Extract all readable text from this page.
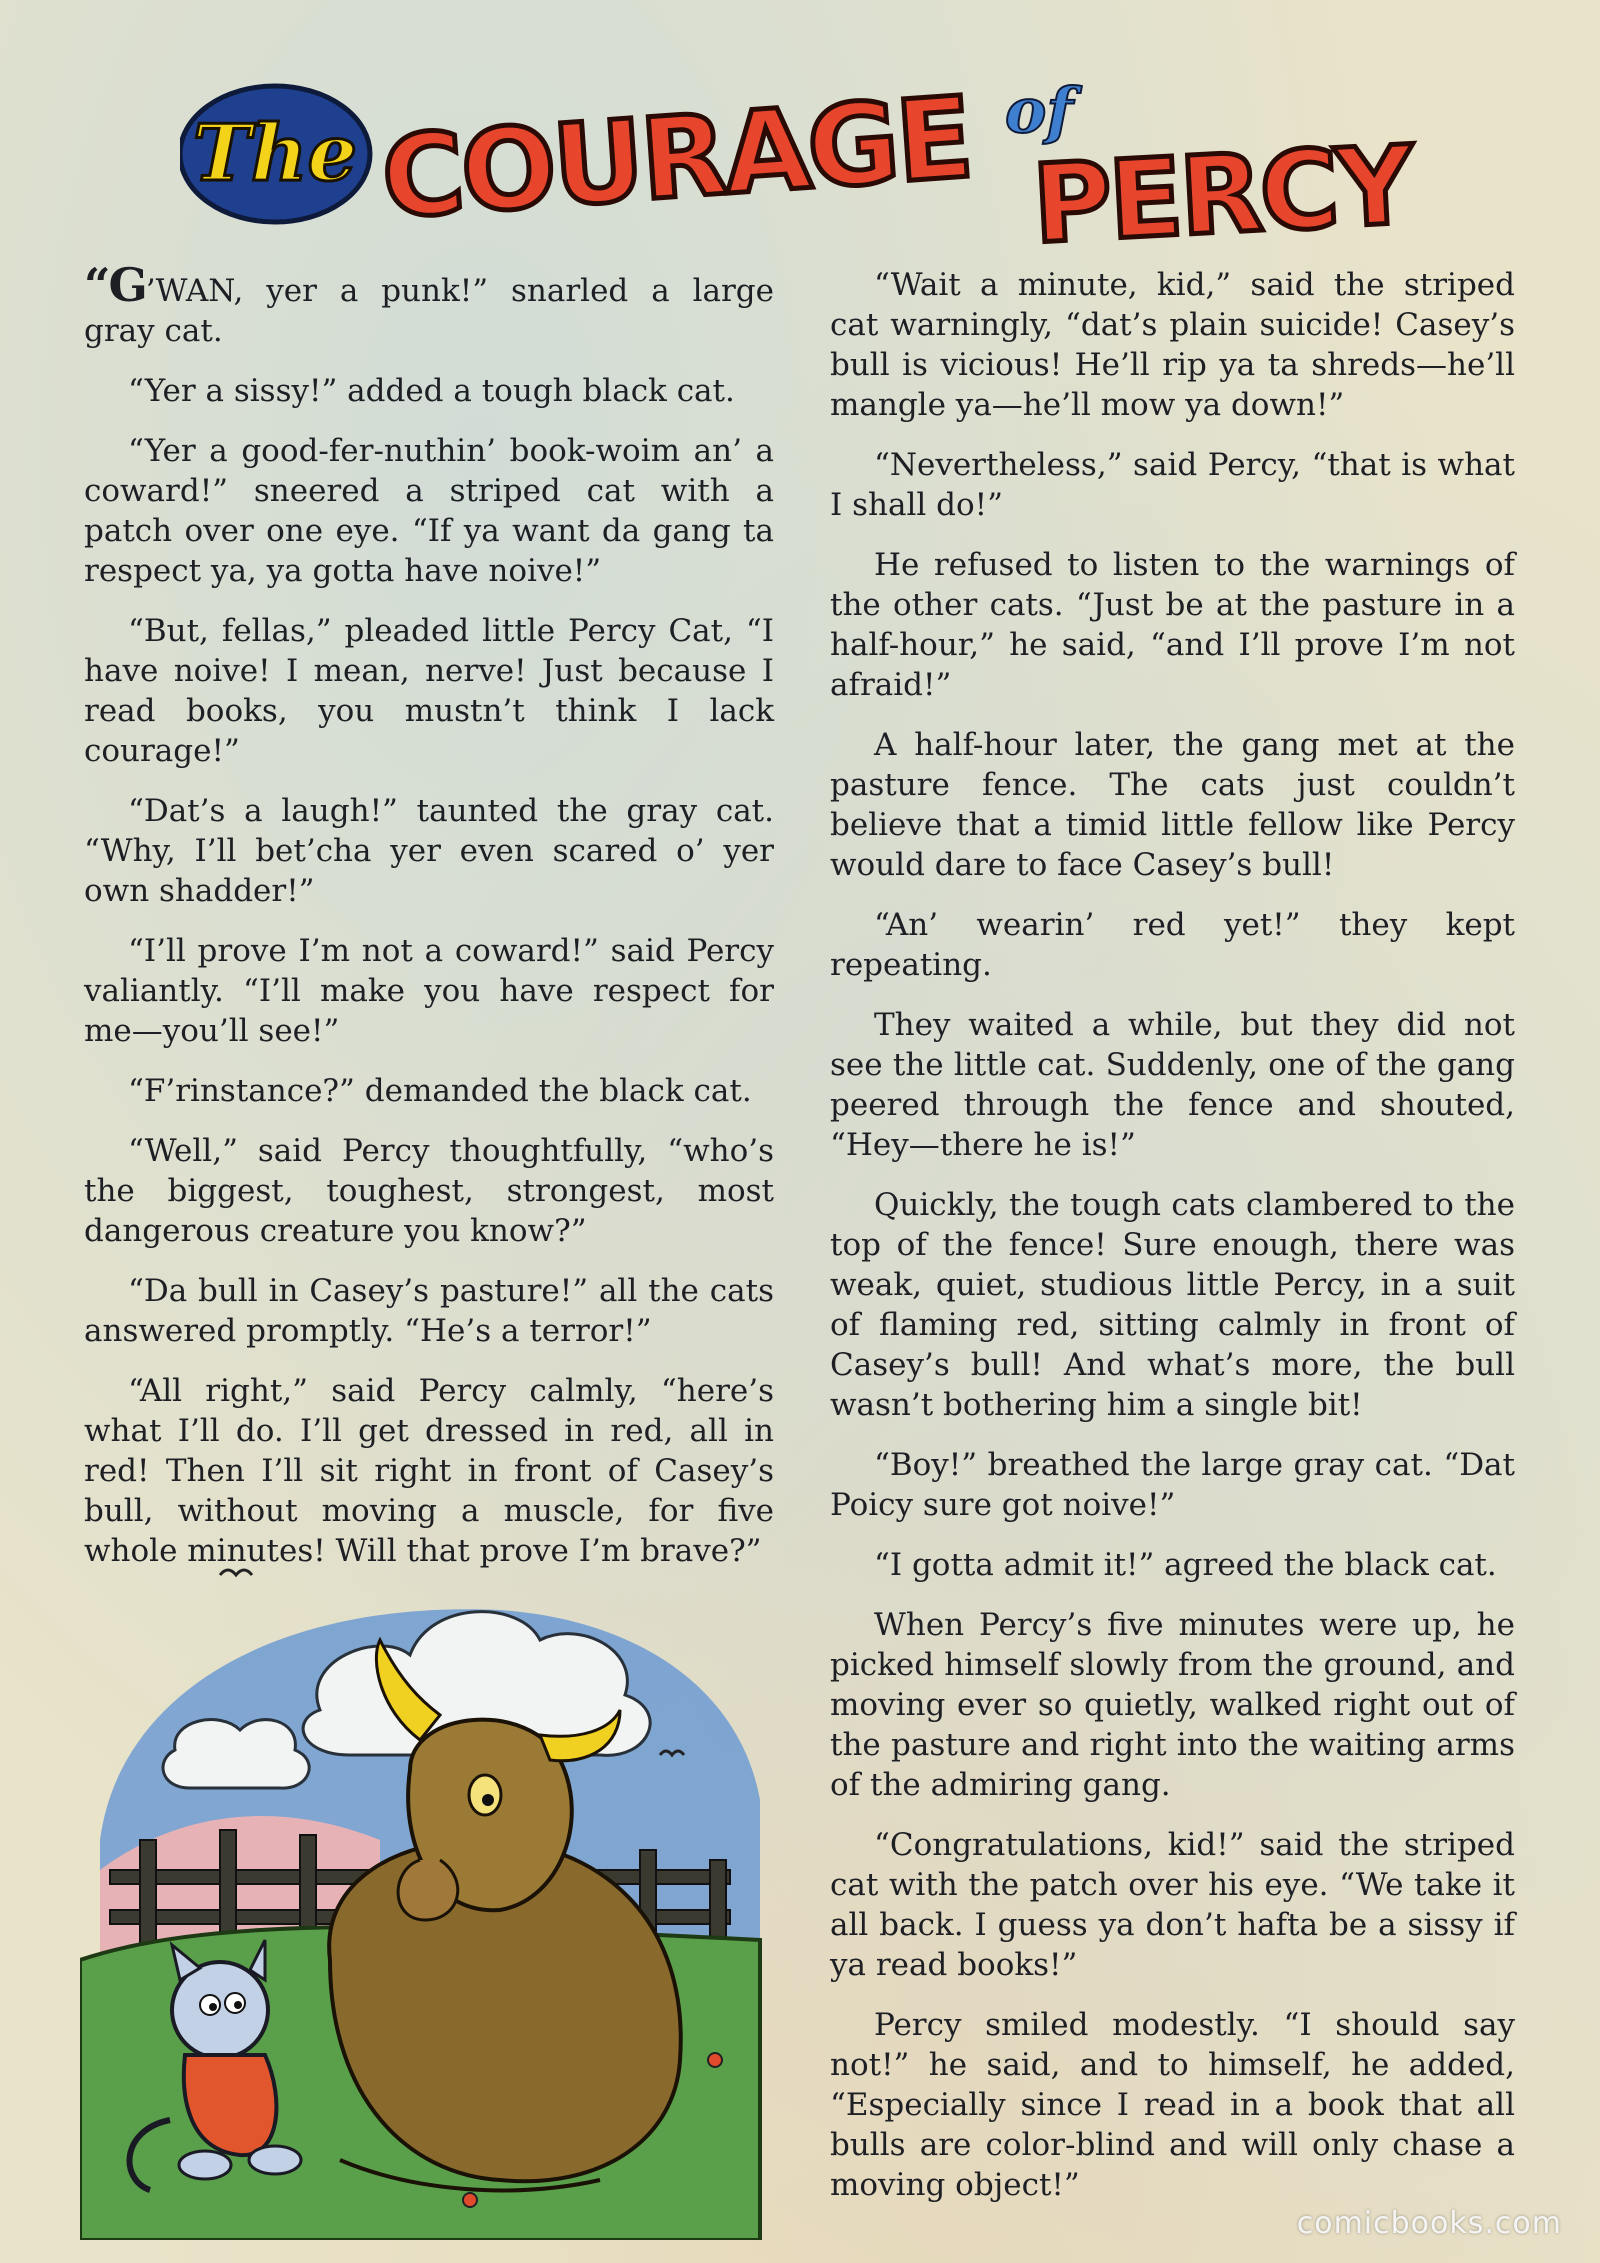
The COURAGE of
PERCY

“G’WAN, yer a punk!” snarled a large gray cat.

“Yer a sissy!” added a tough black cat.

“Yer a good-fer-nuthin’ book-woim an’ a coward!” sneered a striped cat with a patch over one eye. “If ya want da gang ta respect ya, ya gotta have noive!”

“But, fellas,” pleaded little Percy Cat, “I have noive! I mean, nerve! Just because I read books, you mustn’t think I lack courage!”

“Dat’s a laugh!” taunted the gray cat. “Why, I’ll bet’cha yer even scared o’ yer own shadder!”

“I’ll prove I’m not a coward!” said Percy valiantly. “I’ll make you have respect for me—you’ll see!”

“F’rinstance?” demanded the black cat.

“Well,” said Percy thoughtfully, “who’s the biggest, toughest, strongest, most dangerous creature you know?”

“Da bull in Casey’s pasture!” all the cats answered promptly. “He’s a terror!”

“All right,” said Percy calmly, “here’s what I’ll do. I’ll get dressed in red, all in red! Then I’ll sit right in front of Casey’s bull, without moving a muscle, for five whole minutes! Will that prove I’m brave?”

“Wait a minute, kid,” said the striped cat warningly, “dat’s plain suicide! Casey’s bull is vicious! He’ll rip ya ta shreds—he’ll mangle ya—he’ll mow ya down!”

“Nevertheless,” said Percy, “that is what I shall do!”

He refused to listen to the warnings of the other cats. “Just be at the pasture in a half-hour,” he said, “and I’ll prove I’m not afraid!”

A half-hour later, the gang met at the pasture fence. The cats just couldn’t believe that a timid little fellow like Percy would dare to face Casey’s bull!

“An’ wearin’ red yet!” they kept repeating.

They waited a while, but they did not see the little cat. Suddenly, one of the gang peered through the fence and shouted, “Hey—there he is!”

Quickly, the tough cats clambered to the top of the fence! Sure enough, there was weak, quiet, studious little Percy, in a suit of flaming red, sitting calmly in front of Casey’s bull! And what’s more, the bull wasn’t bothering him a single bit!

“Boy!” breathed the large gray cat. “Dat Poicy sure got noive!”

“I gotta admit it!” agreed the black cat.

When Percy’s five minutes were up, he picked himself slowly from the ground, and moving ever so quietly, walked right out of the pasture and right into the waiting arms of the admiring gang.

“Congratulations, kid!” said the striped cat with the patch over his eye. “We take it all back. I guess ya don’t hafta be a sissy if ya read books!”

Percy smiled modestly. “I should say not!” he said, and to himself, he added, “Especially since I read in a book that all bulls are color-blind and will only chase a moving object!”

comicbooks.com
